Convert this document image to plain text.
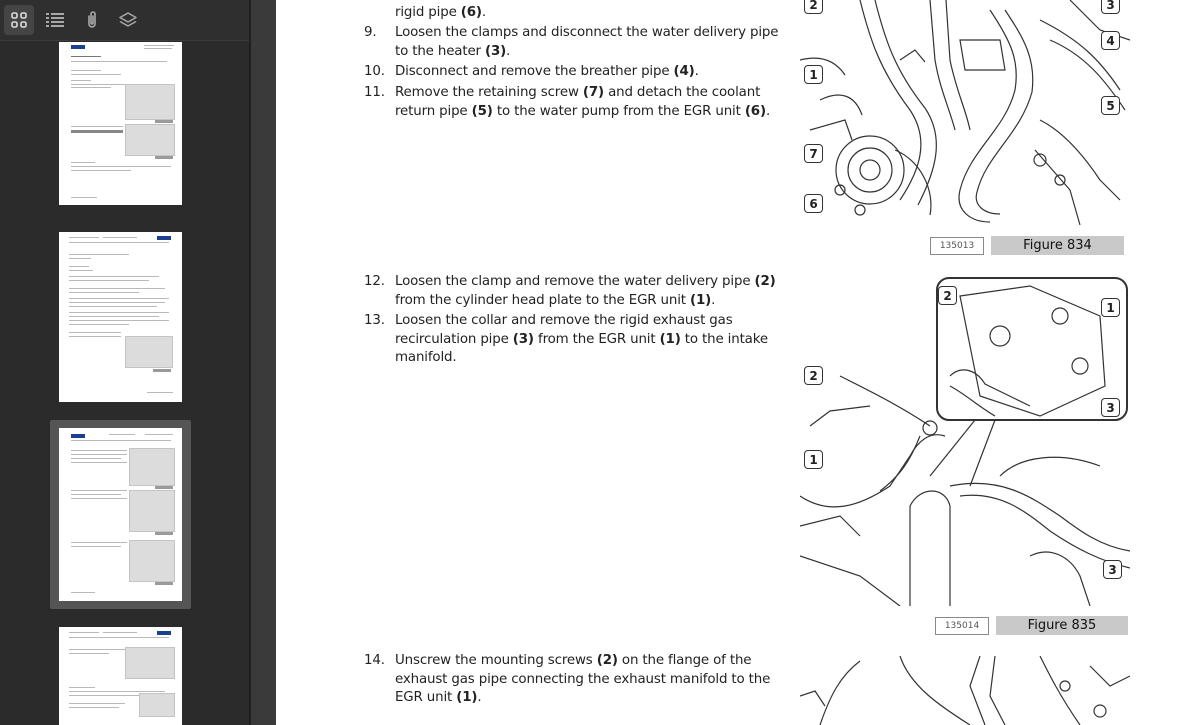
rigid pipe (6).
9. Loosen the clamps and disconnect the water delivery pipe to the heater (3).
10. Disconnect and remove the breather pipe (4).
11. Remove the retaining screw (7) and detach the coolant return pipe (5) to the water pump from the EGR unit (6).
12. Loosen the clamp and remove the water delivery pipe (2) from the cylinder head plate to the EGR unit (1).
13. Loosen the collar and remove the rigid exhaust gas recirculation pipe (3) from the EGR unit (1) to the intake manifold.
14. Unscrew the mounting screws (2) on the flange of the exhaust gas pipe connecting the exhaust manifold to the EGR unit (1).
2	3
4
1
5
7
6
135013	Figure 834
2
1
3
2
1
3
135014	Figure 835
